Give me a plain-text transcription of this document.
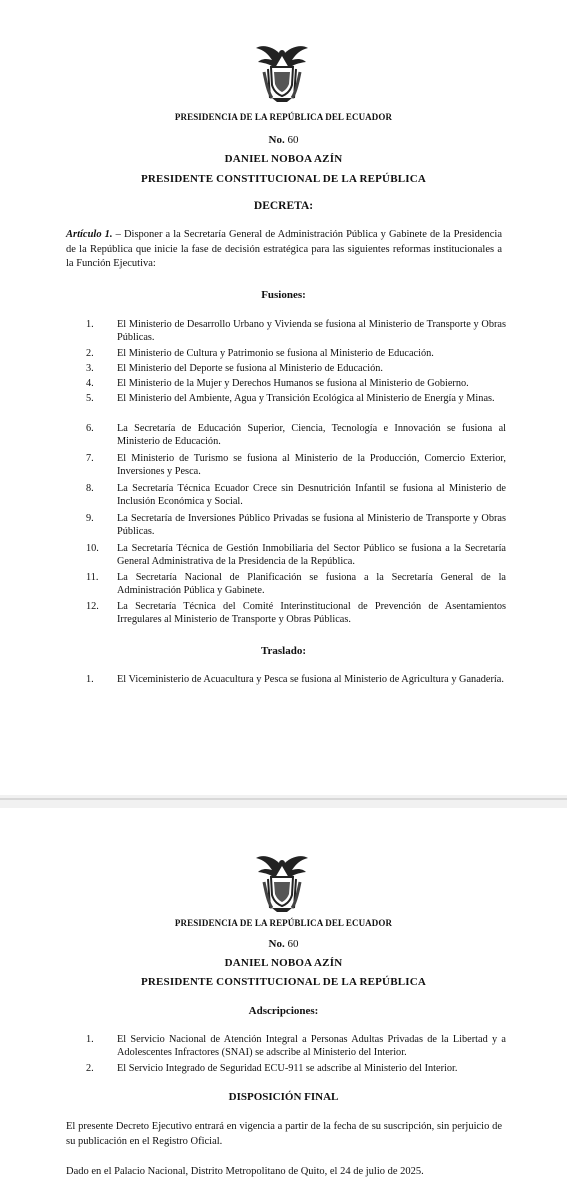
PRESIDENCIA DE LA REPÚBLICA DEL ECUADOR
No. 60
DANIEL NOBOA AZÍN
PRESIDENTE CONSTITUCIONAL DE LA REPÚBLICA
DECRETA:
Artículo 1. – Disponer a la Secretaría General de Administración Pública y Gabinete de la Presidencia de la República que inicie la fase de decisión estratégica para las siguientes reformas institucionales a la Función Ejecutiva:
Fusiones:
1. El Ministerio de Desarrollo Urbano y Vivienda se fusiona al Ministerio de Transporte y Obras Públicas.
2. El Ministerio de Cultura y Patrimonio se fusiona al Ministerio de Educación.
3. El Ministerio del Deporte se fusiona al Ministerio de Educación.
4. El Ministerio de la Mujer y Derechos Humanos se fusiona al Ministerio de Gobierno.
5. El Ministerio del Ambiente, Agua y Transición Ecológica al Ministerio de Energía y Minas.
6. La Secretaría de Educación Superior, Ciencia, Tecnología e Innovación se fusiona al Ministerio de Educación.
7. El Ministerio de Turismo se fusiona al Ministerio de la Producción, Comercio Exterior, Inversiones y Pesca.
8. La Secretaría Técnica Ecuador Crece sin Desnutrición Infantil se fusiona al Ministerio de Inclusión Económica y Social.
9. La Secretaría de Inversiones Público Privadas se fusiona al Ministerio de Transporte y Obras Públicas.
10. La Secretaría Técnica de Gestión Inmobiliaria del Sector Público se fusiona a la Secretaría General Administrativa de la Presidencia de la República.
11. La Secretaría Nacional de Planificación se fusiona a la Secretaría General de la Administración Pública y Gabinete.
12. La Secretaría Técnica del Comité Interinstitucional de Prevención de Asentamientos Irregulares al Ministerio de Transporte y Obras Públicas.
Traslado:
1. El Viceministerio de Acuacultura y Pesca se fusiona al Ministerio de Agricultura y Ganadería.
PRESIDENCIA DE LA REPÚBLICA DEL ECUADOR
No. 60
DANIEL NOBOA AZÍN
PRESIDENTE CONSTITUCIONAL DE LA REPÚBLICA
Adscripciones:
1. El Servicio Nacional de Atención Integral a Personas Adultas Privadas de la Libertad y a Adolescentes Infractores (SNAI) se adscribe al Ministerio del Interior.
2. El Servicio Integrado de Seguridad ECU-911 se adscribe al Ministerio del Interior.
DISPOSICIÓN FINAL
El presente Decreto Ejecutivo entrará en vigencia a partir de la fecha de su suscripción, sin perjuicio de su publicación en el Registro Oficial.
Dado en el Palacio Nacional, Distrito Metropolitano de Quito, el 24 de julio de 2025.
